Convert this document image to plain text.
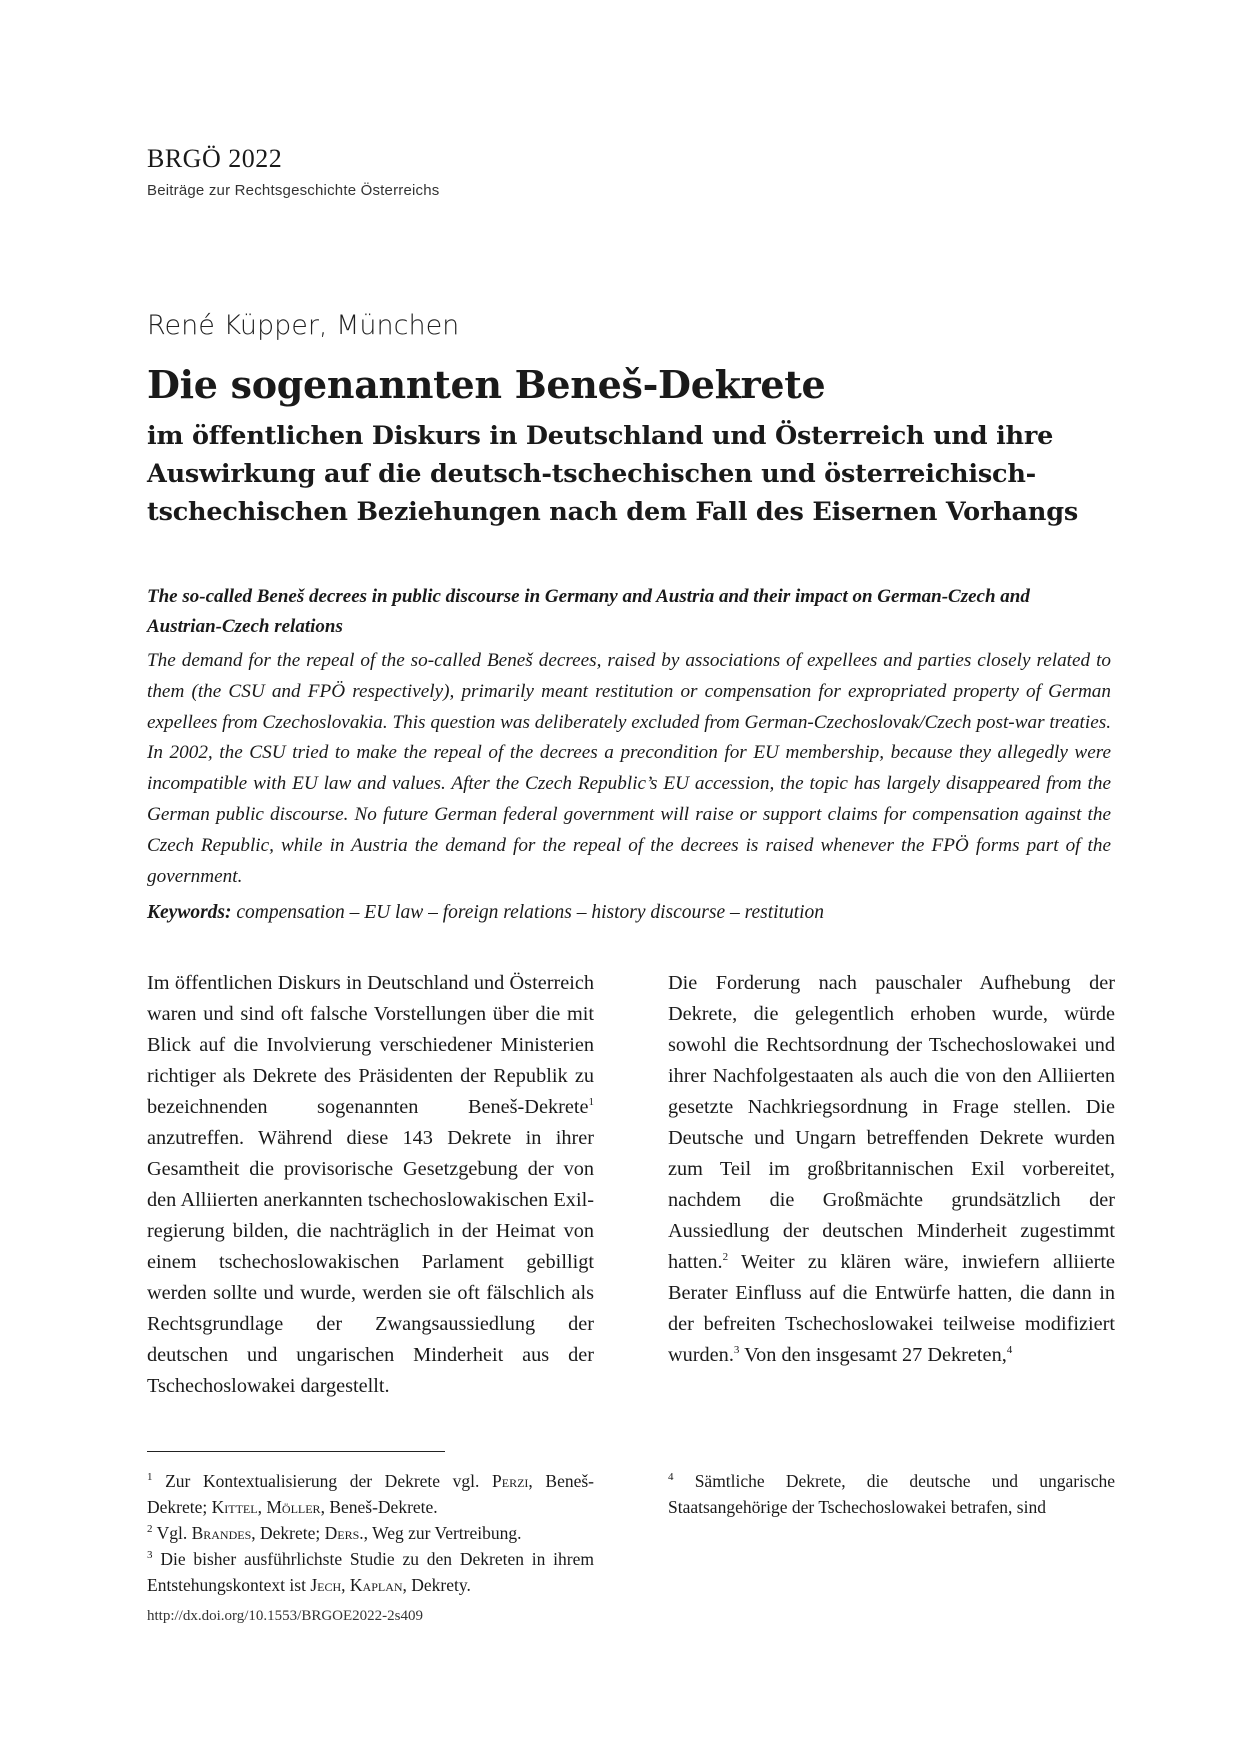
BRGÖ 2022
Beiträge zur Rechtsgeschichte Österreichs
René Küpper, München
Die sogenannten Beneš-Dekrete
im öffentlichen Diskurs in Deutschland und Österreich und ihre Auswirkung auf die deutsch-tschechischen und österreichisch-tschechischen Beziehungen nach dem Fall des Eisernen Vorhangs
The so-called Beneš decrees in public discourse in Germany and Austria and their impact on German-Czech and Austrian-Czech relations
The demand for the repeal of the so-called Beneš decrees, raised by associations of expellees and parties closely related to them (the CSU and FPÖ respectively), primarily meant restitution or compensation for expropriated property of German expellees from Czechoslovakia. This question was deliberately excluded from German-Czechoslovak/Czech post-war treaties. In 2002, the CSU tried to make the repeal of the decrees a precondition for EU membership, because they allegedly were incompatible with EU law and values. After the Czech Republic’s EU accession, the topic has largely disappeared from the German public discourse. No future German federal government will raise or support claims for compensation against the Czech Republic, while in Austria the demand for the repeal of the decrees is raised whenever the FPÖ forms part of the government.
Keywords: compensation – EU law – foreign relations – history discourse – restitution
Im öffentlichen Diskurs in Deutschland und Österreich waren und sind oft falsche Vorstellungen über die mit Blick auf die Involvierung verschiedener Ministerien richtiger als Dekrete des Präsidenten der Republik zu bezeichnenden sogenannten Beneš-Dekrete$^1$ anzutreffen. Während diese 143 Dekrete in ihrer Gesamtheit die provisorische Gesetzgebung der von den Alliierten anerkannten tschechoslowakischen Exilregierung bilden, die nachträglich in der Heimat von einem tschechoslowakischen Parlament gebilligt werden sollte und wurde, werden sie oft fälschlich als Rechtsgrundlage der Zwangsaussiedlung der deutschen und ungarischen Minderheit aus der Tschechoslowakei dargestellt.
Die Forderung nach pauschaler Aufhebung der Dekrete, die gelegentlich erhoben wurde, würde sowohl die Rechtsordnung der Tschechoslowakei und ihrer Nachfolgestaaten als auch die von den Alliierten gesetzte Nachkriegsordnung in Frage stellen. Die Deutsche und Ungarn betreffenden Dekrete wurden zum Teil im großbritannischen Exil vorbereitet, nachdem die Großmächte grundsätzlich der Aussiedlung der deutschen Minderheit zugestimmt hatten.$^2$ Weiter zu klären wäre, inwiefern alliierte Berater Einfluss auf die Entwürfe hatten, die dann in der befreiten Tschechoslowakei teilweise modifiziert wurden.$^3$ Von den insgesamt 27 Dekreten,$^4$
$^1$ Zur Kontextualisierung der Dekrete vgl. Perzi, Beneš-Dekrete; Kittel, Möller, Beneš-Dekrete.
$^2$ Vgl. Brandes, Dekrete; Ders., Weg zur Vertreibung.
$^3$ Die bisher ausführlichste Studie zu den Dekreten in ihrem Entstehungskontext ist Jech, Kaplan, Dekrety.
$^4$ Sämtliche Dekrete, die deutsche und ungarische Staatsangehörige der Tschechoslowakei betrafen, sind
http://dx.doi.org/10.1553/BRGOE2022-2s409
